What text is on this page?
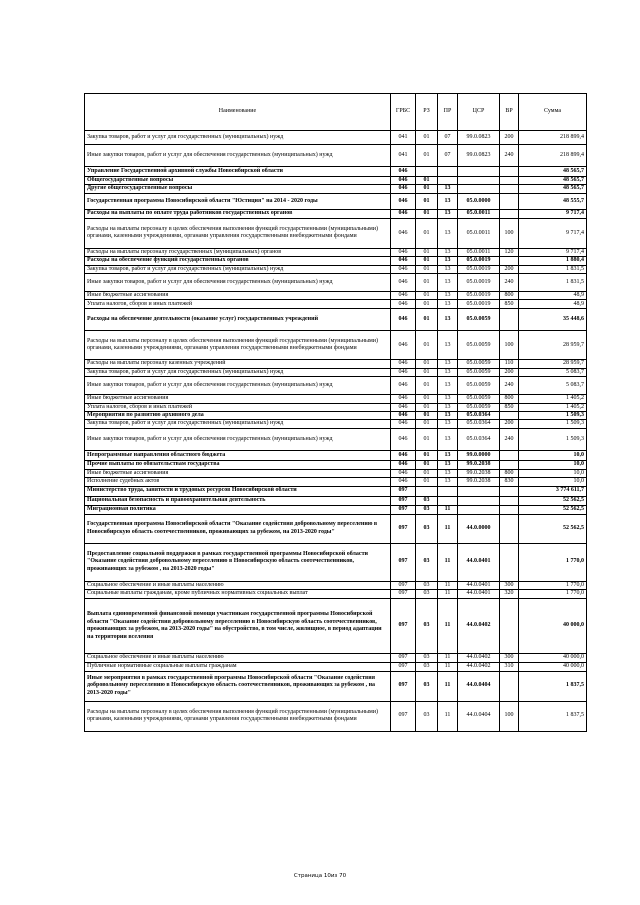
Наименование	ГРБС	РЗ	ПР	ЦСР	ВР	Сумма
Закупка товаров, работ и услуг для государственных (муниципальных) нужд	041	01	07	99.0.0823	200	218 899,4
Иные закупки товаров, работ и услуг для обеспечения государственных (муниципальных) нужд	041	01	07	99.0.0823	240	218 899,4
Управление Государственной архивной службы Новосибирской области	046					48 565,7
Общегосударственные вопросы	046	01				48 565,7
Другие общегосударственные вопросы	046	01	13			48 565,7
Государственная программа Новосибирской области "Юстиция" на 2014 - 2020 годы	046	01	13	05.0.0000		48 555,7
Расходы на выплаты по оплате труда работников государственных органов	046	01	13	05.0.0011		9 717,4
Расходы на выплаты персоналу в целях обеспечения выполнения функций государственными (муниципальными) органами, казенными учреждениями, органами управления государственными внебюджетными фондами	046	01	13	05.0.0011	100	9 717,4
Расходы на выплаты персоналу государственных (муниципальных) органов	046	01	13	05.0.0011	120	9 717,4
Расходы на обеспечение функций государственных органов	046	01	13	05.0.0019		1 880,4
Закупка товаров, работ и услуг для государственных (муниципальных) нужд	046	01	13	05.0.0019	200	1 831,5
Иные закупки товаров, работ и услуг для обеспечения государственных (муниципальных) нужд	046	01	13	05.0.0019	240	1 831,5
Иные бюджетные ассигнования	046	01	13	05.0.0019	800	48,9
Уплата налогов, сборов и иных платежей	046	01	13	05.0.0019	850	48,9
Расходы на обеспечение деятельности (оказание услуг) государственных учреждений	046	01	13	05.0.0059		35 448,6
Расходы на выплаты персоналу в целях обеспечения выполнения функций государственными (муниципальными) органами, казенными учреждениями, органами управления государственными внебюджетными фондами	046	01	13	05.0.0059	100	28 959,7
Расходы на выплаты персоналу казенных учреждений	046	01	13	05.0.0059	110	28 959,7
Закупка товаров, работ и услуг для государственных (муниципальных) нужд	046	01	13	05.0.0059	200	5 083,7
Иные закупки товаров, работ и услуг для обеспечения государственных (муниципальных) нужд	046	01	13	05.0.0059	240	5 083,7
Иные бюджетные ассигнования	046	01	13	05.0.0059	800	1 405,2
Уплата налогов, сборов и иных платежей	046	01	13	05.0.0059	850	1 405,2
Мероприятия по развитию архивного дела	046	01	13	05.0.0364		1 509,3
Закупка товаров, работ и услуг для государственных (муниципальных) нужд	046	01	13	05.0.0364	200	1 509,3
Иные закупки товаров, работ и услуг для обеспечения государственных (муниципальных) нужд	046	01	13	05.0.0364	240	1 509,3
Непрограммные направления областного бюджета	046	01	13	99.0.0000		10,0
Прочие выплаты по обязательствам государства	046	01	13	99.0.2038		10,0
Иные бюджетные ассигнования	046	01	13	99.0.2038	800	10,0
Исполнение судебных актов	046	01	13	99.0.2038	830	10,0
Министерство труда, занятости и трудовых ресурсов Новосибирской области	097					3 774 611,7
Национальная безопасность и правоохранительная деятельность	097	03				52 562,5
Миграционная политика	097	03	11			52 562,5
Государственная программа Новосибирской области "Оказание содействия добровольному переселению в Новосибирскую область соотечественников, проживающих за рубежом, на 2013-2020 годы"	097	03	11	44.0.0000		52 562,5
Предоставление социальной поддержки в рамках государственной программы Новосибирской области "Оказание содействия добровольному переселению в Новосибирскую область соотечественников, проживающих за рубежом , на 2013-2020 годы"	097	03	11	44.0.0401		1 770,0
Социальное обеспечение и иные выплаты населению	097	03	11	44.0.0401	300	1 770,0
Социальные выплаты гражданам, кроме публичных нормативных социальных выплат	097	03	11	44.0.0401	320	1 770,0
Выплата единовременной финансовой помощи участникам государственной программы Новосибирской области "Оказание содействия добровольному переселению в Новосибирскую область соотечественников, проживающих за рубежом, на 2013-2020 годы" на обустройство, в том числе, жилищное, в период адаптации на территории вселения	097	03	11	44.0.0402		40 000,0
Социальное обеспечение и иные выплаты населению	097	03	11	44.0.0402	300	40 000,0
Публичные нормативные социальные выплаты гражданам	097	03	11	44.0.0402	310	40 000,0
Иные мероприятия в рамках государственной программы Новосибирской области "Оказание содействия добровольному переселению в Новосибирскую область соотечественников, проживающих за рубежом , на 2013-2020 годы"	097	03	11	44.0.0404		1 837,5
Расходы на выплаты персоналу в целях обеспечения выполнения функций государственными (муниципальными) органами, казенными учреждениями, органами управления государственными внебюджетными фондами	097	03	11	44.0.0404	100	1 837,5
Страница 10из 70
